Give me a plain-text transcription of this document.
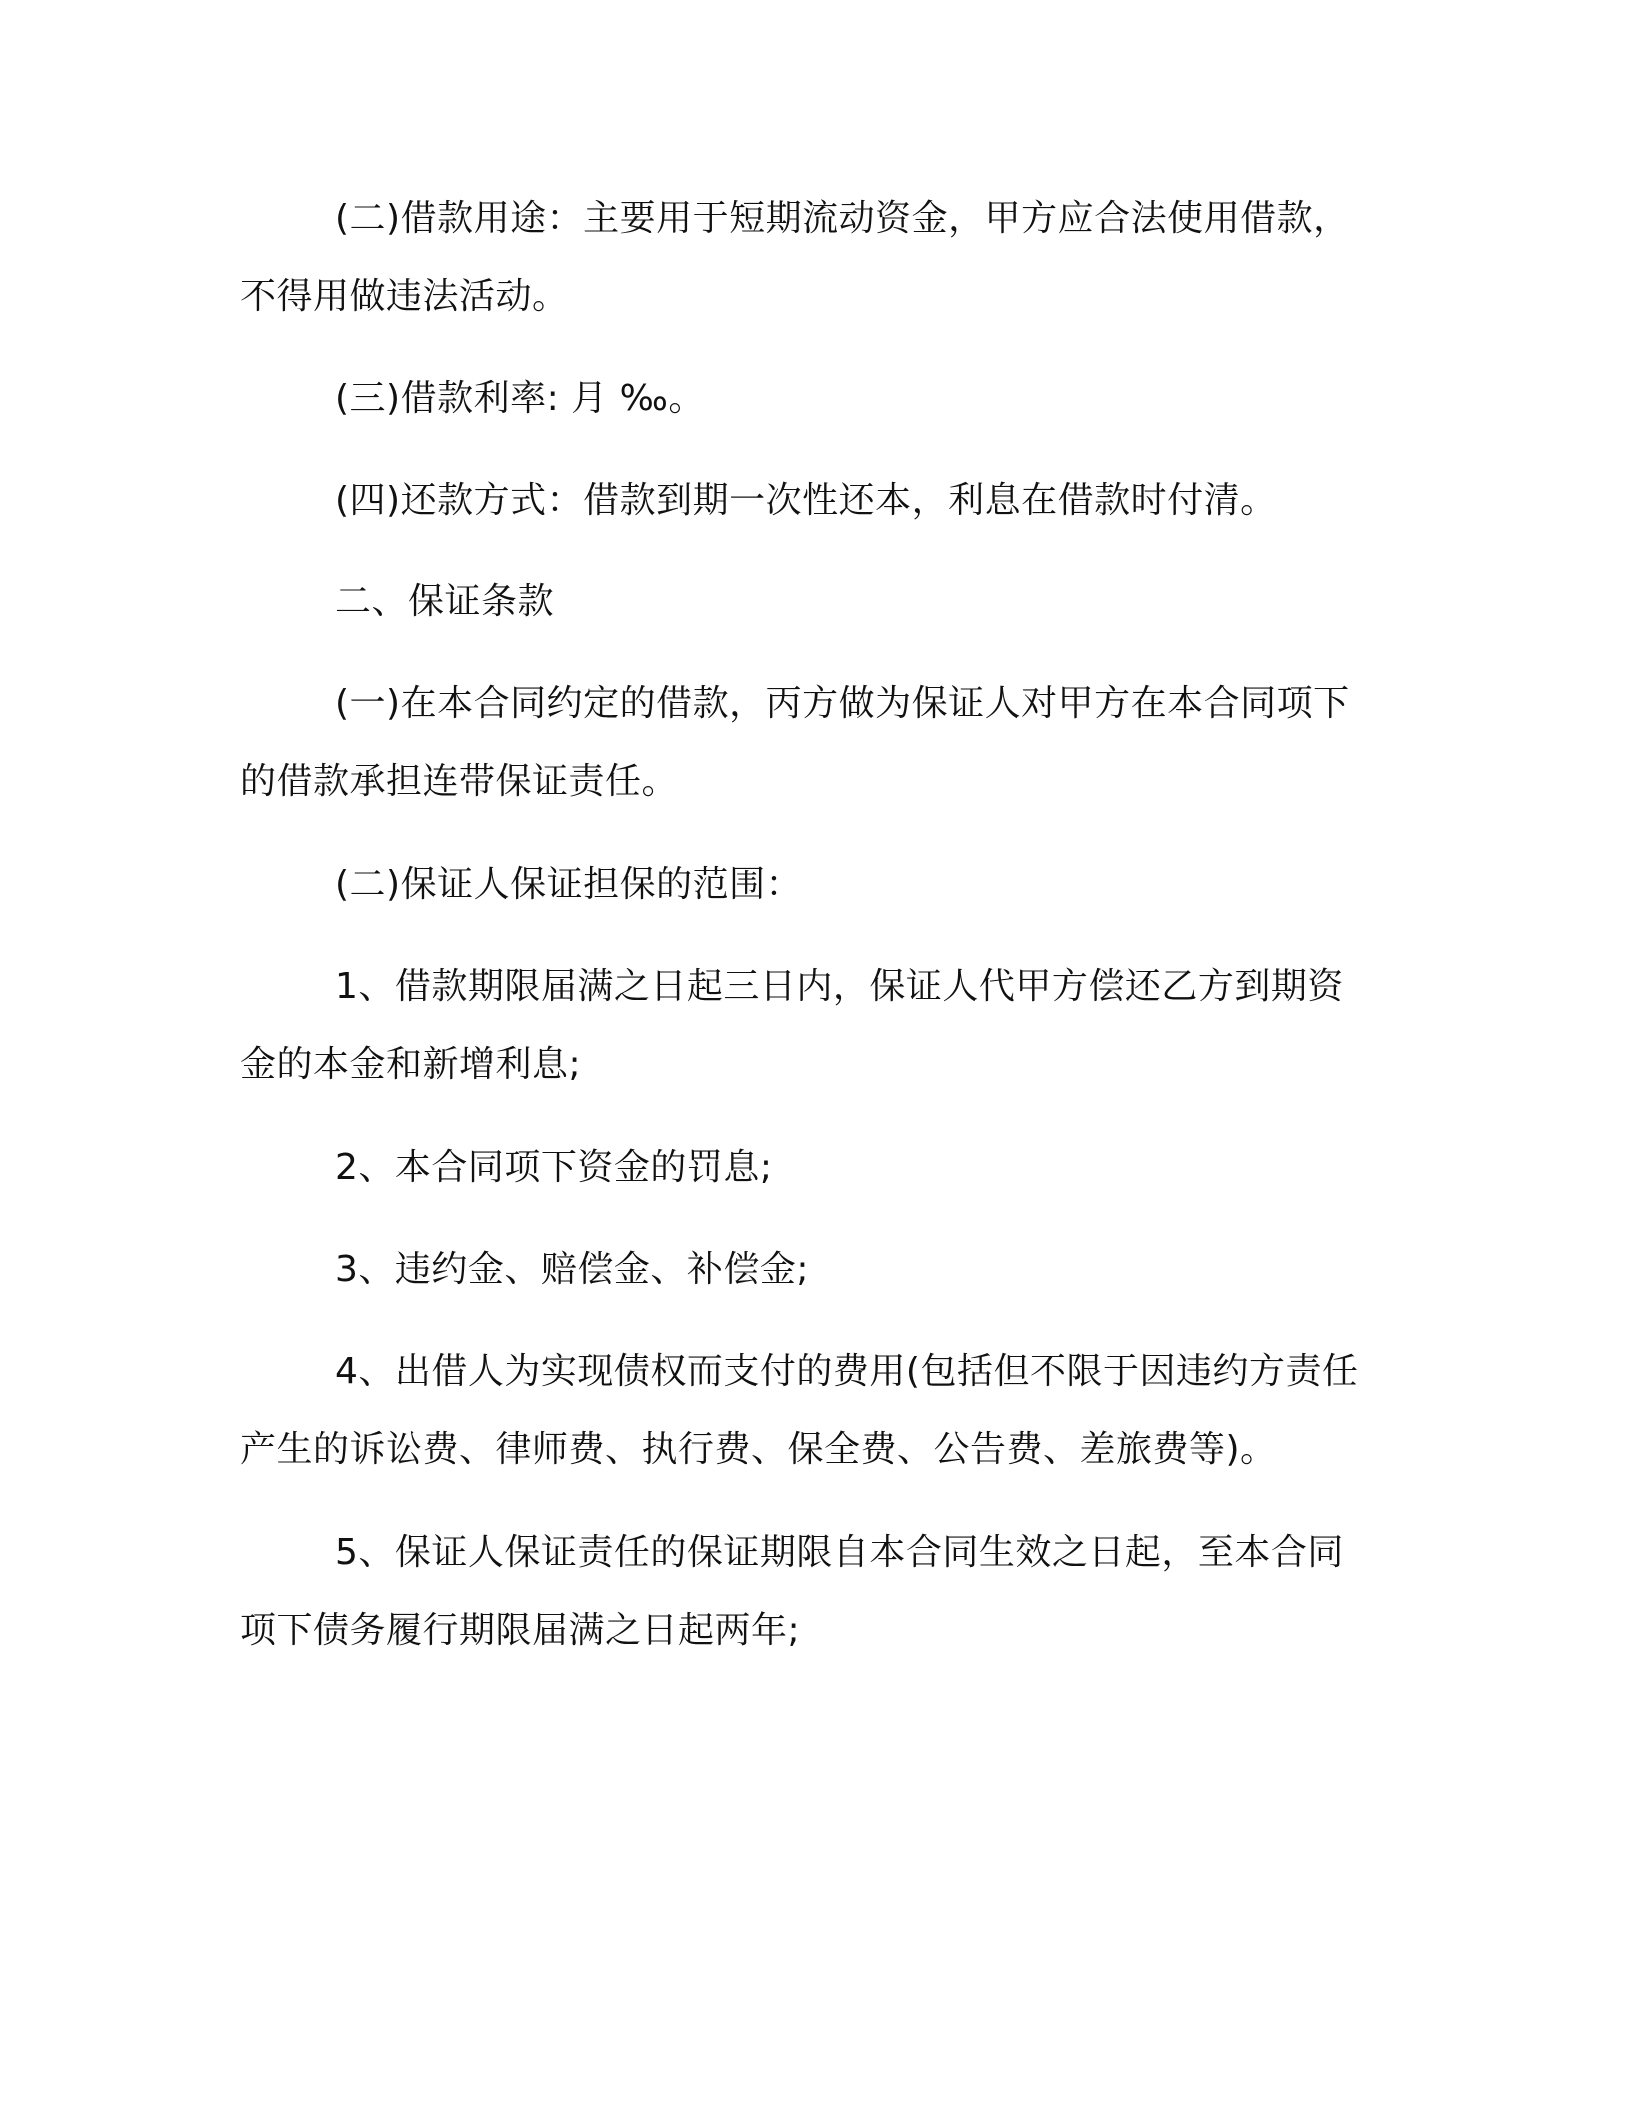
(二)借款用途：主要用于短期流动资金，甲方应合法使用借款，不得用做违法活动。

(三)借款利率: 月 ‰。

(四)还款方式：借款到期一次性还本，利息在借款时付清。

二、保证条款

(一)在本合同约定的借款，丙方做为保证人对甲方在本合同项下的借款承担连带保证责任。

(二)保证人保证担保的范围：

1、借款期限届满之日起三日内，保证人代甲方偿还乙方到期资金的本金和新增利息;

2、本合同项下资金的罚息;

3、违约金、赔偿金、补偿金;

4、出借人为实现债权而支付的费用(包括但不限于因违约方责任产生的诉讼费、律师费、执行费、保全费、公告费、差旅费等)。

5、保证人保证责任的保证期限自本合同生效之日起，至本合同项下债务履行期限届满之日起两年;
